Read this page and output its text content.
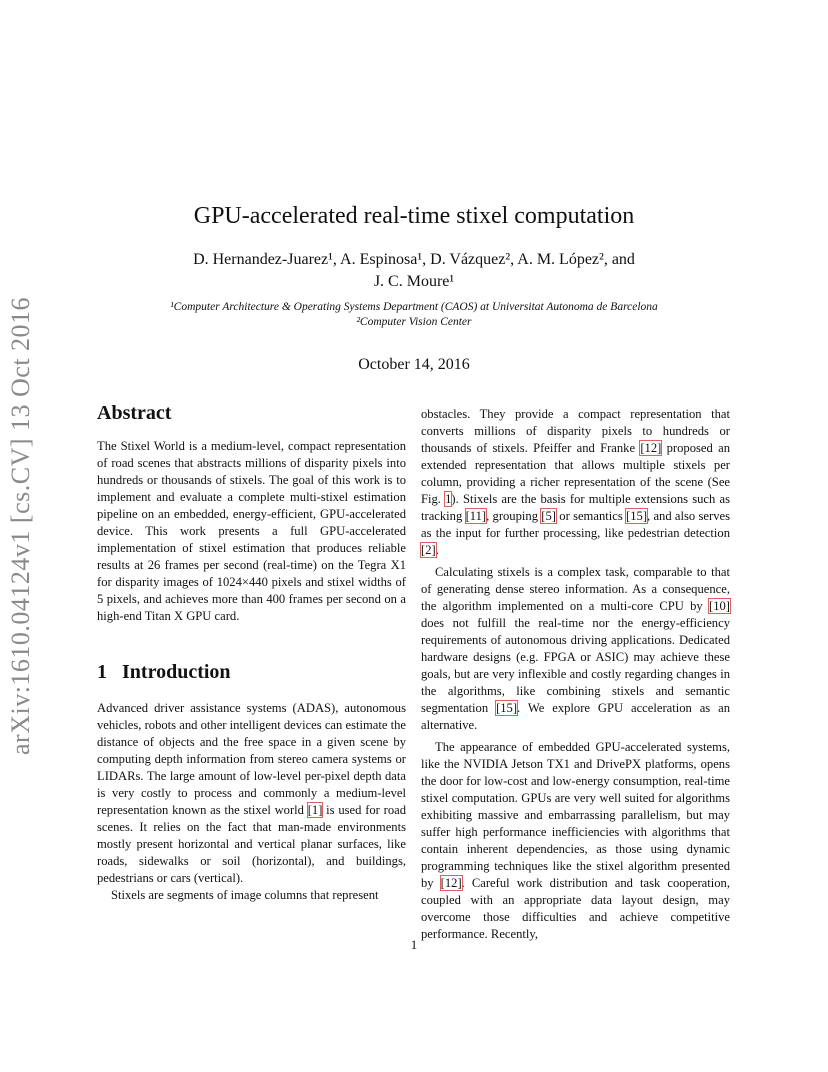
arXiv:1610.04124v1 [cs.CV] 13 Oct 2016
GPU-accelerated real-time stixel computation
D. Hernandez-Juarez¹, A. Espinosa¹, D. Vázquez², A. M. López², and
J. C. Moure¹
¹Computer Architecture & Operating Systems Department (CAOS) at Universitat Autonoma de Barcelona
²Computer Vision Center
October 14, 2016
Abstract

The Stixel World is a medium-level, compact representation of road scenes that abstracts millions of disparity pixels into hundreds or thousands of stixels. The goal of this work is to implement and evaluate a complete multi-stixel estimation pipeline on an embedded, energy-efficient, GPU-accelerated device. This work presents a full GPU-accelerated implementation of stixel estimation that produces reliable results at 26 frames per second (real-time) on the Tegra X1 for disparity images of 1024×440 pixels and stixel widths of 5 pixels, and achieves more than 400 frames per second on a high-end Titan X GPU card.

1   Introduction

Advanced driver assistance systems (ADAS), autonomous vehicles, robots and other intelligent devices can estimate the distance of objects and the free space in a given scene by computing depth information from stereo camera systems or LIDARs. The large amount of low-level per-pixel depth data is very costly to process and commonly a medium-level representation known as the stixel world [1] is used for road scenes. It relies on the fact that man-made environments mostly present horizontal and vertical planar surfaces, like roads, sidewalks or soil (horizontal), and buildings, pedestrians or cars (vertical).

Stixels are segments of image columns that represent

obstacles. They provide a compact representation that converts millions of disparity pixels to hundreds or thousands of stixels. Pfeiffer and Franke [12] proposed an extended representation that allows multiple stixels per column, providing a richer representation of the scene (See Fig. 1). Stixels are the basis for multiple extensions such as tracking [11], grouping [5] or semantics [15], and also serves as the input for further processing, like pedestrian detection [2].

Calculating stixels is a complex task, comparable to that of generating dense stereo information. As a consequence, the algorithm implemented on a multi-core CPU by [10] does not fulfill the real-time nor the energy-efficiency requirements of autonomous driving applications. Dedicated hardware designs (e.g. FPGA or ASIC) may achieve these goals, but are very inflexible and costly regarding changes in the algorithms, like combining stixels and semantic segmentation [15]. We explore GPU acceleration as an alternative.

The appearance of embedded GPU-accelerated systems, like the NVIDIA Jetson TX1 and DrivePX platforms, opens the door for low-cost and low-energy consumption, real-time stixel computation. GPUs are very well suited for algorithms exhibiting massive and embarrassing parallelism, but may suffer high performance inefficiencies with algorithms that contain inherent dependencies, as those using dynamic programming techniques like the stixel algorithm presented by [12]. Careful work distribution and task cooperation, coupled with an appropriate data layout design, may overcome those difficulties and achieve competitive performance. Recently,

1
